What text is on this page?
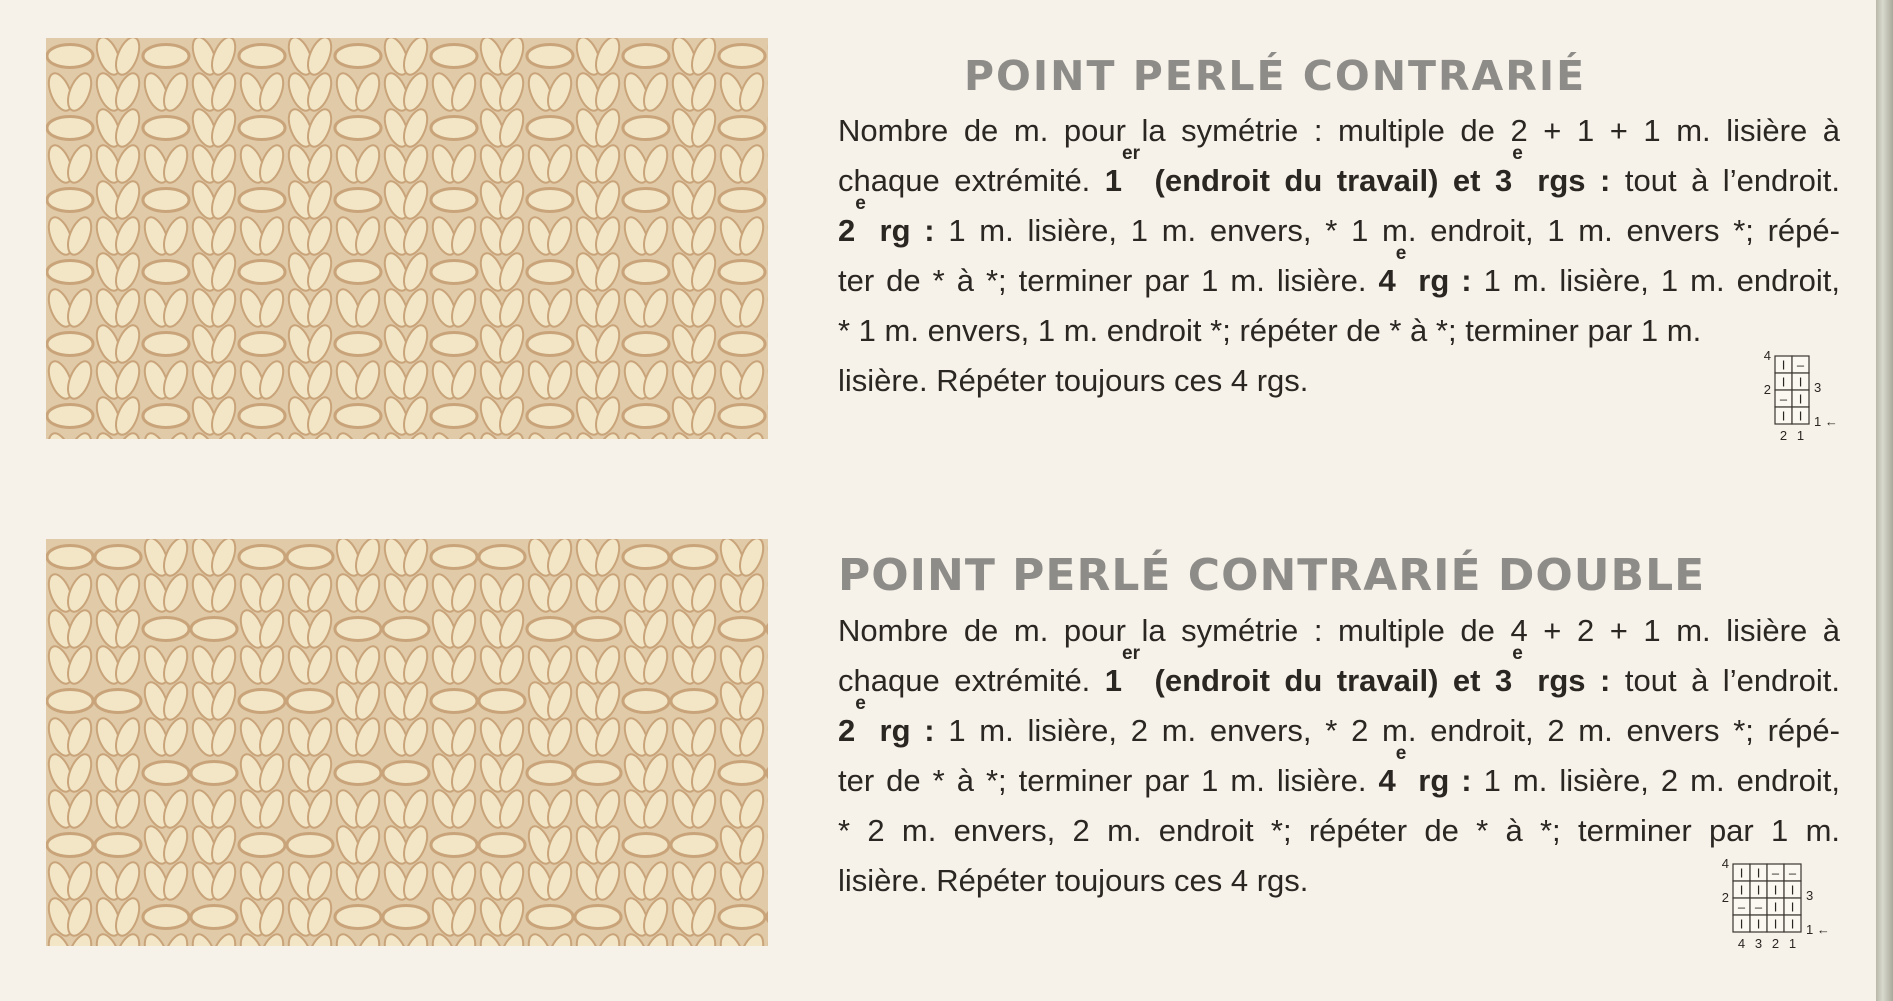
POINT PERLÉ CONTRARIÉ
Nombre de m. pour la symétrie : multiple de 2 + 1 + 1 m. lisière à
chaque extrémité. 1er (endroit du travail) et 3e rgs : tout à l’endroit.
2e rg : 1 m. lisière, 1 m. envers, * 1 m. endroit, 1 m. envers *; répé-
ter de * à *; terminer par 1 m. lisière. 4e rg : 1 m. lisière, 1 m. endroit,
* 1 m. envers, 1 m. endroit *; répéter de * à *; terminer par 1 m.
lisière. Répéter toujours ces 4 rgs.
POINT PERLÉ CONTRARIÉ DOUBLE
Nombre de m. pour la symétrie : multiple de 4 + 2 + 1 m. lisière à
chaque extrémité. 1er (endroit du travail) et 3e rgs : tout à l’endroit.
2e rg : 1 m. lisière, 2 m. envers, * 2 m. endroit, 2 m. envers *; répé-
ter de * à *; terminer par 1 m. lisière. 4e rg : 1 m. lisière, 2 m. endroit,
* 2 m. envers, 2 m. endroit *; répéter de * à *; terminer par 1 m.
lisière. Répéter toujours ces 4 rgs.
I –
4
I I 3
– I
2
I I 1 ←
2 1
I I – –
4
I I I I 3
– – I I
2
I I I I 1 ←
4 3 2 1
